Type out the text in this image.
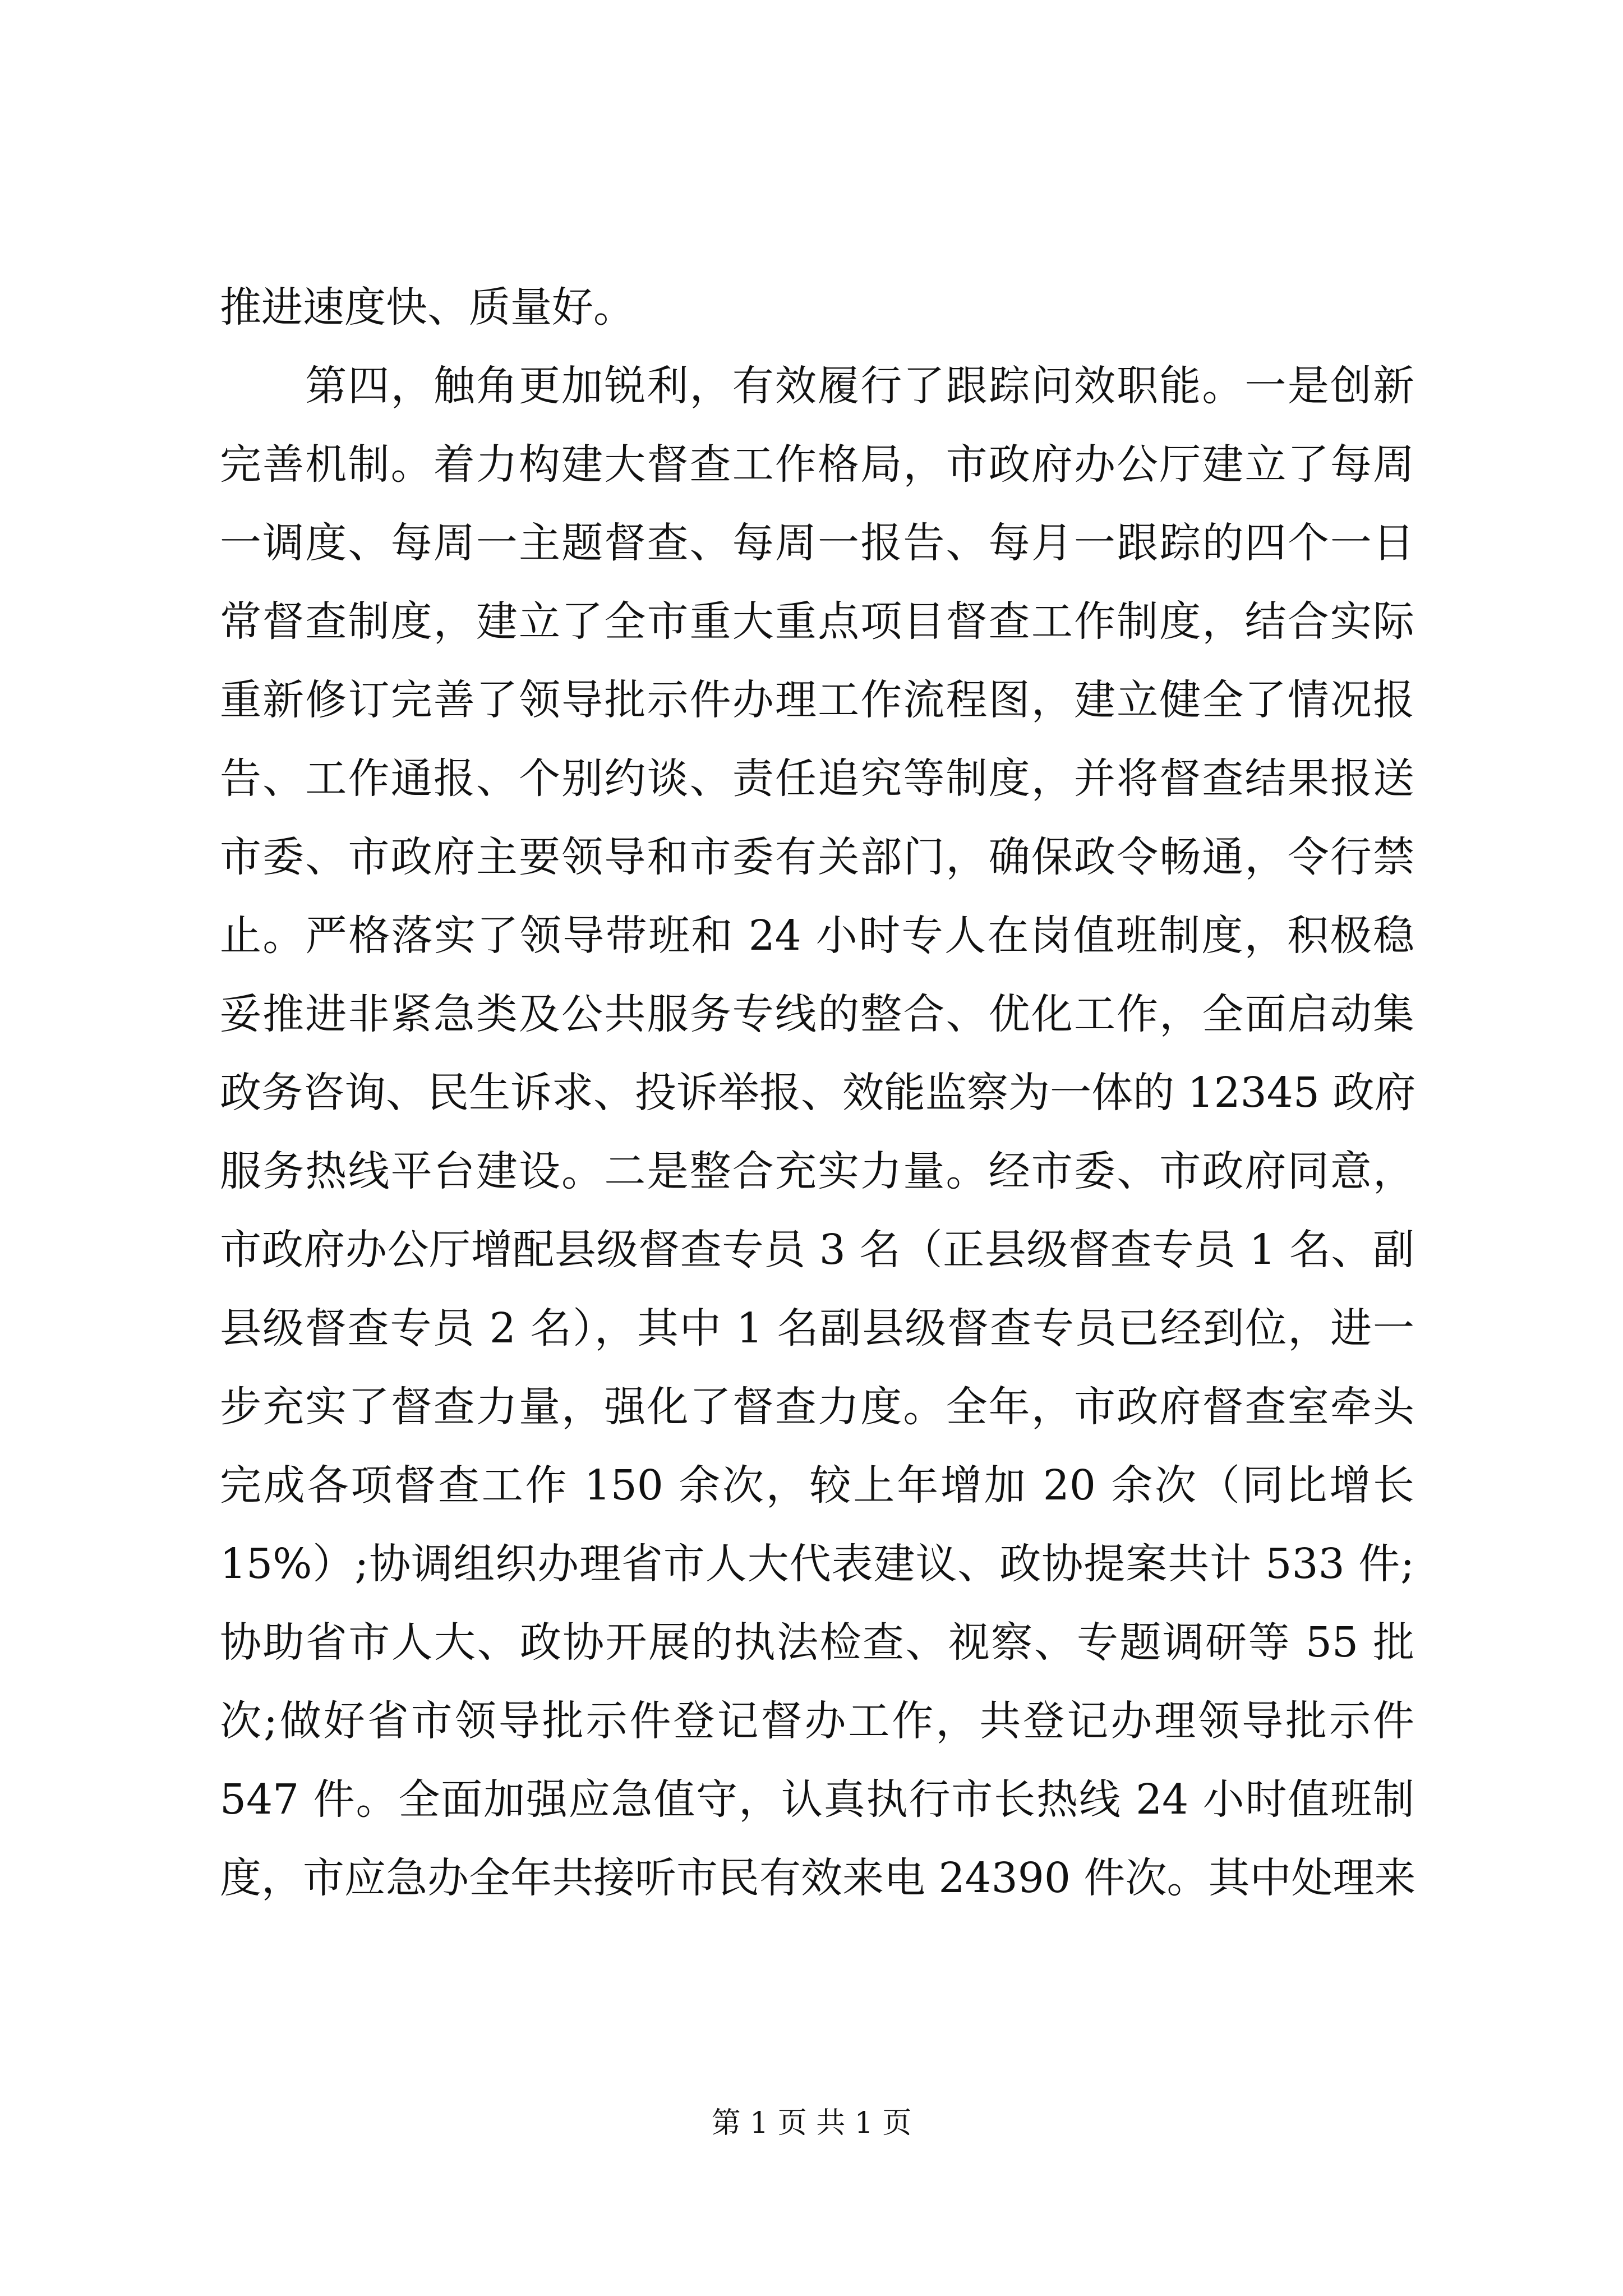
推进速度快、质量好。
　　第四，触角更加锐利，有效履行了跟踪问效职能。一是创新
完善机制。着力构建大督查工作格局，市政府办公厅建立了每周
一调度、每周一主题督查、每周一报告、每月一跟踪的四个一日
常督查制度，建立了全市重大重点项目督查工作制度，结合实际
重新修订完善了领导批示件办理工作流程图，建立健全了情况报
告、工作通报、个别约谈、责任追究等制度，并将督查结果报送
市委、市政府主要领导和市委有关部门，确保政令畅通，令行禁
止。严格落实了领导带班和 24 小时专人在岗值班制度，积极稳
妥推进非紧急类及公共服务专线的整合、优化工作，全面启动集
政务咨询、民生诉求、投诉举报、效能监察为一体的 12345 政府
服务热线平台建设。二是整合充实力量。经市委、市政府同意，
市政府办公厅增配县级督查专员 3 名（正县级督查专员 1 名、副
县级督查专员 2 名），其中 1 名副县级督查专员已经到位，进一
步充实了督查力量，强化了督查力度。全年，市政府督查室牵头
完成各项督查工作 150 余次，较上年增加 20 余次（同比增长
15%）;协调组织办理省市人大代表建议、政协提案共计 533 件;
协助省市人大、政协开展的执法检查、视察、专题调研等 55 批
次;做好省市领导批示件登记督办工作，共登记办理领导批示件
547 件。全面加强应急值守，认真执行市长热线 24 小时值班制
度，市应急办全年共接听市民有效来电 24390 件次。其中处理来
第 1 页 共 1 页
